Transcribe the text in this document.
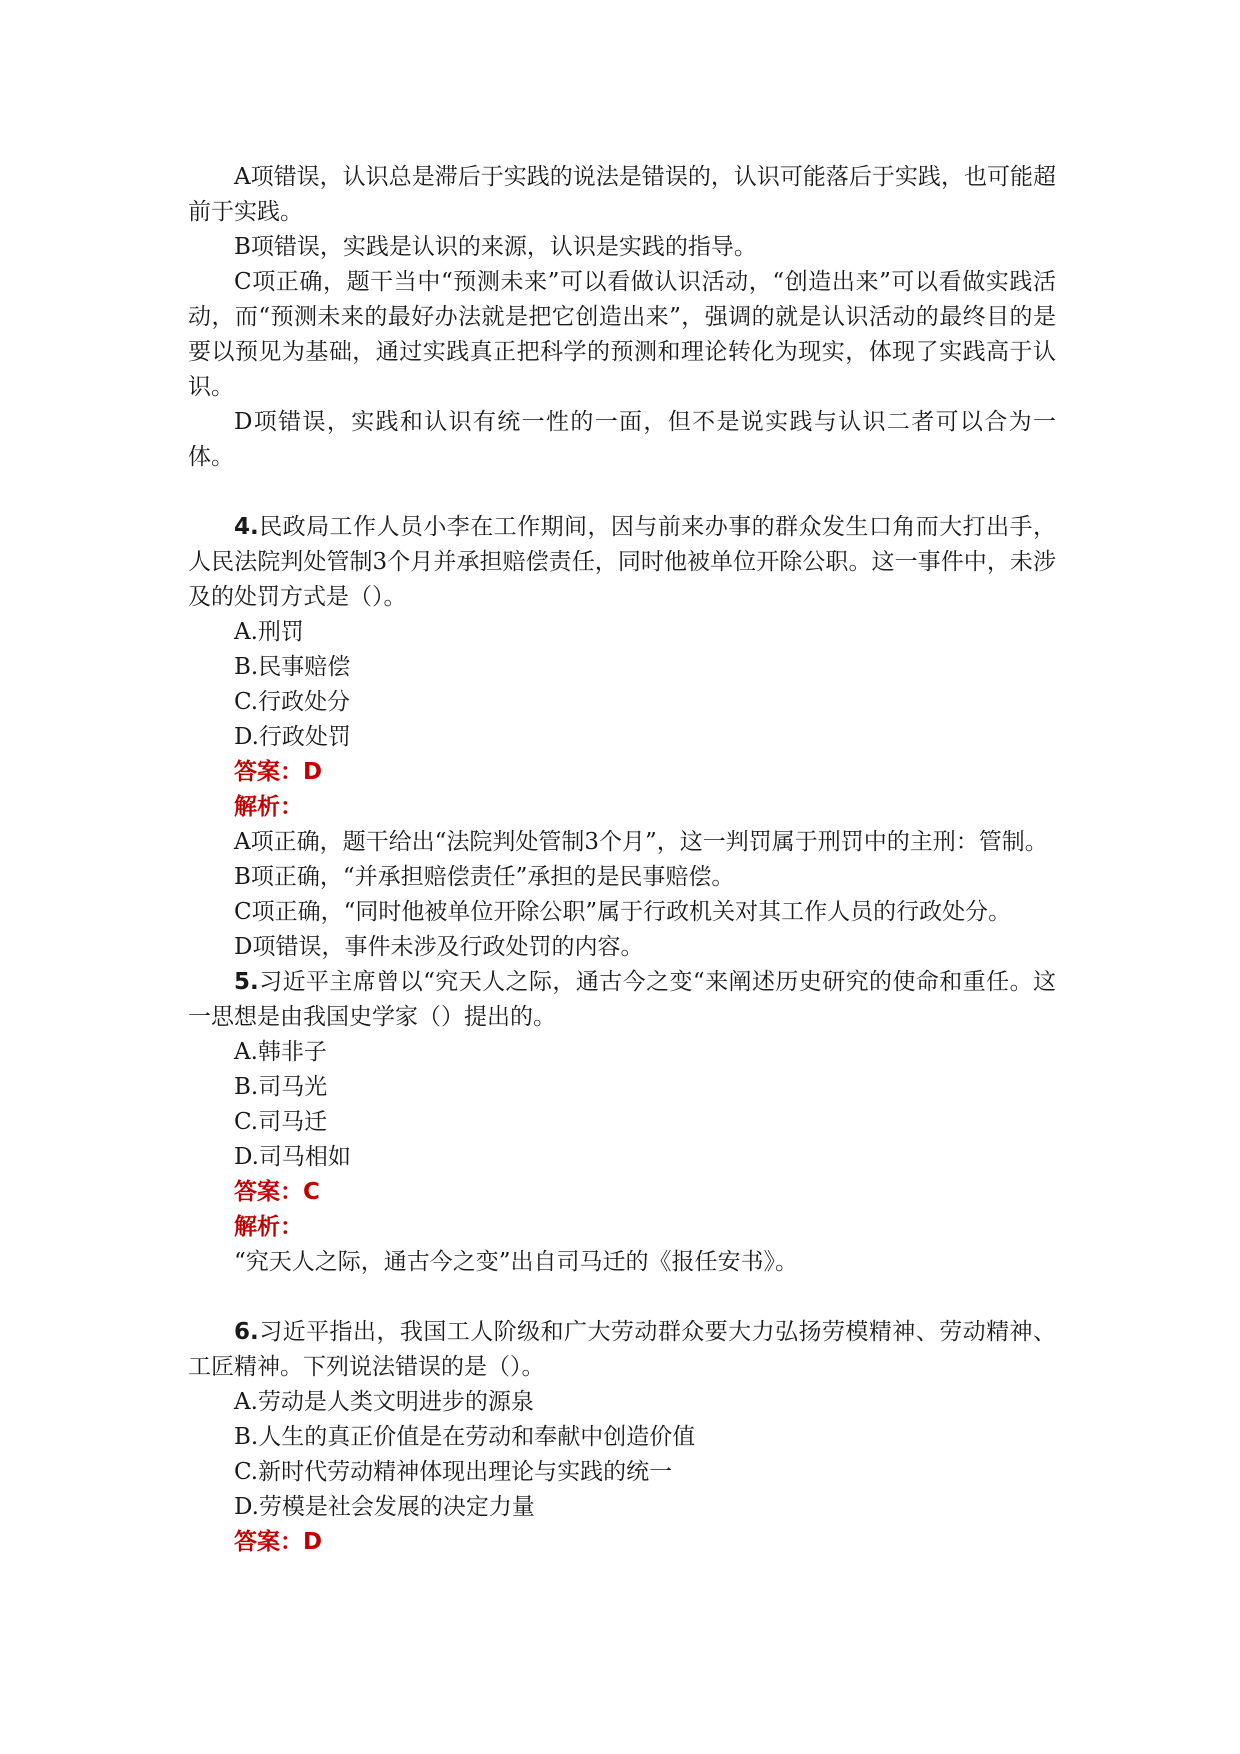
A项错误，认识总是滞后于实践的说法是错误的，认识可能落后于实践，也可能超前于实践。

B项错误，实践是认识的来源，认识是实践的指导。

C项正确，题干当中“预测未来”可以看做认识活动，“创造出来”可以看做实践活动，而“预测未来的最好办法就是把它创造出来”，强调的就是认识活动的最终目的是要以预见为基础，通过实践真正把科学的预测和理论转化为现实，体现了实践高于认识。

D项错误，实践和认识有统一性的一面，但不是说实践与认识二者可以合为一体。

4.民政局工作人员小李在工作期间，因与前来办事的群众发生口角而大打出手，人民法院判处管制3个月并承担赔偿责任，同时他被单位开除公职。这一事件中，未涉及的处罚方式是（）。

A.刑罚

B.民事赔偿

C.行政处分

D.行政处罚

答案：D

解析：

A项正确，题干给出“法院判处管制3个月”，这一判罚属于刑罚中的主刑：管制。

B项正确，“并承担赔偿责任”承担的是民事赔偿。

C项正确，“同时他被单位开除公职”属于行政机关对其工作人员的行政处分。

D项错误，事件未涉及行政处罚的内容。

5.习近平主席曾以“究天人之际，通古今之变“来阐述历史研究的使命和重任。这一思想是由我国史学家（）提出的。

A.韩非子

B.司马光

C.司马迁

D.司马相如

答案：C

解析：

“究天人之际，通古今之变”出自司马迁的《报任安书》。

6.习近平指出，我国工人阶级和广大劳动群众要大力弘扬劳模精神、劳动精神、工匠精神。下列说法错误的是（）。

A.劳动是人类文明进步的源泉

B.人生的真正价值是在劳动和奉献中创造价值

C.新时代劳动精神体现出理论与实践的统一

D.劳模是社会发展的决定力量

答案：D
